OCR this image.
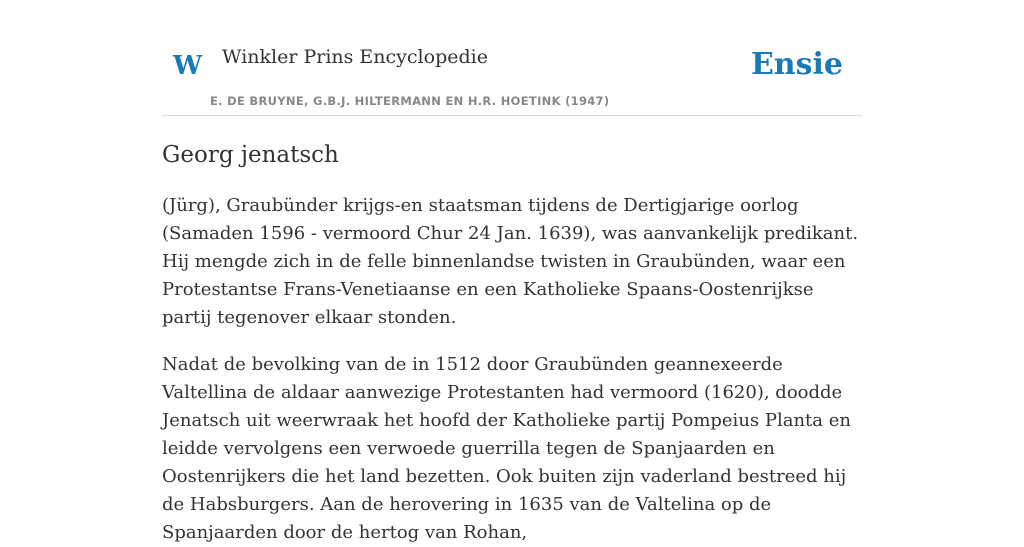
W Winkler Prins Encyclopedie
E. DE BRUYNE, G.B.J. HILTERMANN EN H.R. HOETINK (1947)
Ensie
Georg jenatsch

(Jürg), Graubünder krijgs-en staatsman tijdens de Dertigjarige oorlog (Samaden 1596 - vermoord Chur 24 Jan. 1639), was aanvankelijk predikant. Hij mengde zich in de felle binnenlandse twisten in Graubünden, waar een Protestantse Frans-Venetiaanse en een Katholieke Spaans-Oostenrijkse partij tegenover elkaar stonden.

Nadat de bevolking van de in 1512 door Graubünden geannexeerde Valtellina de aldaar aanwezige Protestanten had vermoord (1620), doodde Jenatsch uit weerwraak het hoofd der Katholieke partij Pompeius Planta en leidde vervolgens een verwoede guerrilla tegen de Spanjaarden en Oostenrijkers die het land bezetten. Ook buiten zijn vaderland bestreed hij de Habsburgers. Aan de herovering in 1635 van de Valtelina op de Spanjaarden door de hertog van Rohan,
